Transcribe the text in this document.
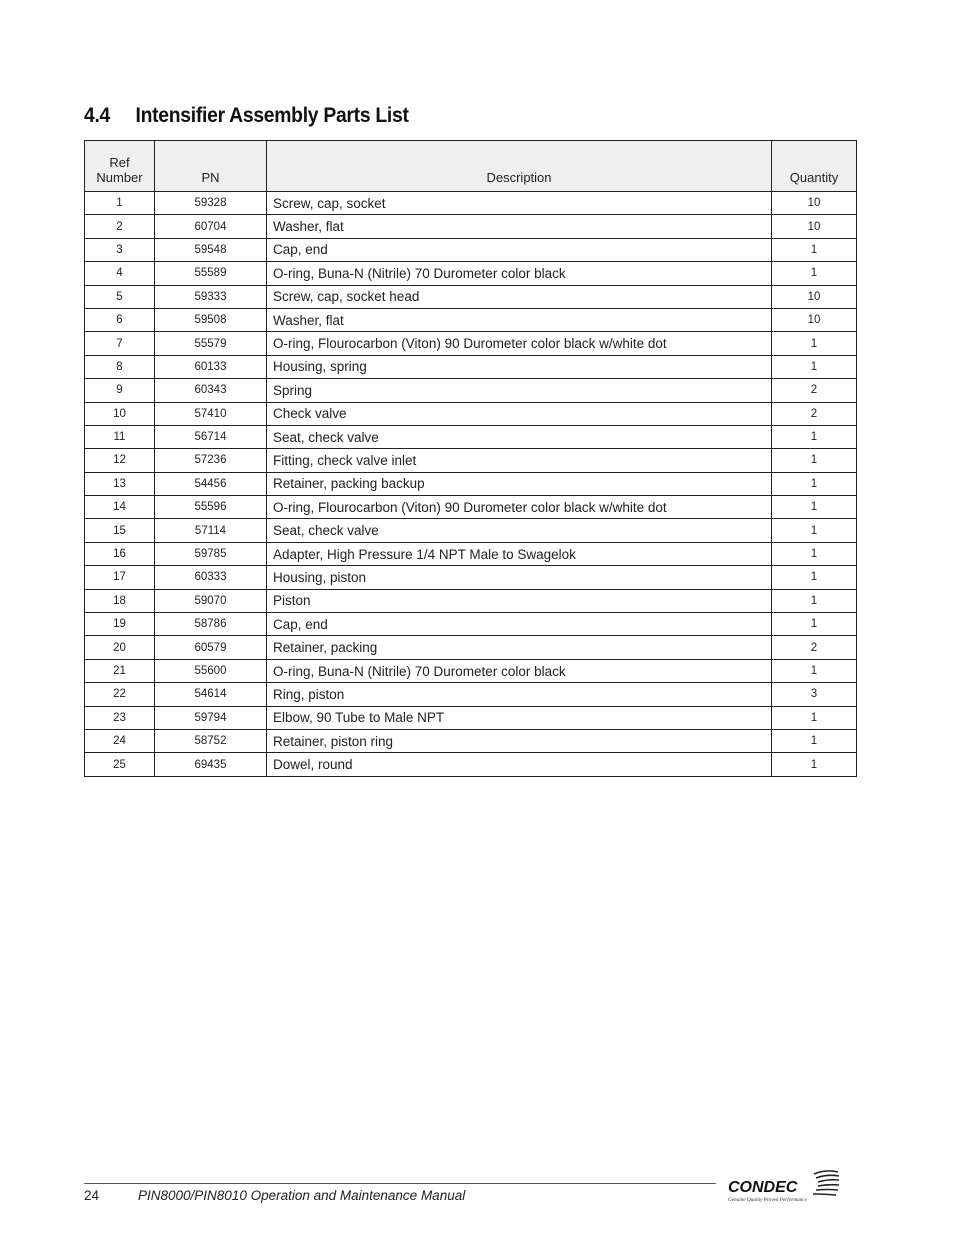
4.4 Intensifier Assembly Parts List
Ref
Number	PN	Description	Quantity
1	59328	Screw, cap, socket	10
2	60704	Washer, flat	10
3	59548	Cap, end	1
4	55589	O-ring, Buna-N (Nitrile) 70 Durometer color black	1
5	59333	Screw, cap, socket head	10
6	59508	Washer, flat	10
7	55579	O-ring, Flourocarbon (Viton) 90 Durometer color black w/white dot	1
8	60133	Housing, spring	1
9	60343	Spring	2
10	57410	Check valve	2
11	56714	Seat, check valve	1
12	57236	Fitting, check valve inlet	1
13	54456	Retainer, packing backup	1
14	55596	O-ring, Flourocarbon (Viton) 90 Durometer color black w/white dot	1
15	57114	Seat, check valve	1
16	59785	Adapter, High Pressure 1/4 NPT Male to Swagelok	1
17	60333	Housing, piston	1
18	59070	Piston	1
19	58786	Cap, end	1
20	60579	Retainer, packing	2
21	55600	O-ring, Buna-N (Nitrile) 70 Durometer color black	1
22	54614	Ring, piston	3
23	59794	Elbow, 90 Tube to Male NPT	1
24	58752	Retainer, piston ring	1
25	69435	Dowel, round	1
24	PIN8000/PIN8010 Operation and Maintenance Manual	CONDEC
Genuine Quality Proven Performance
